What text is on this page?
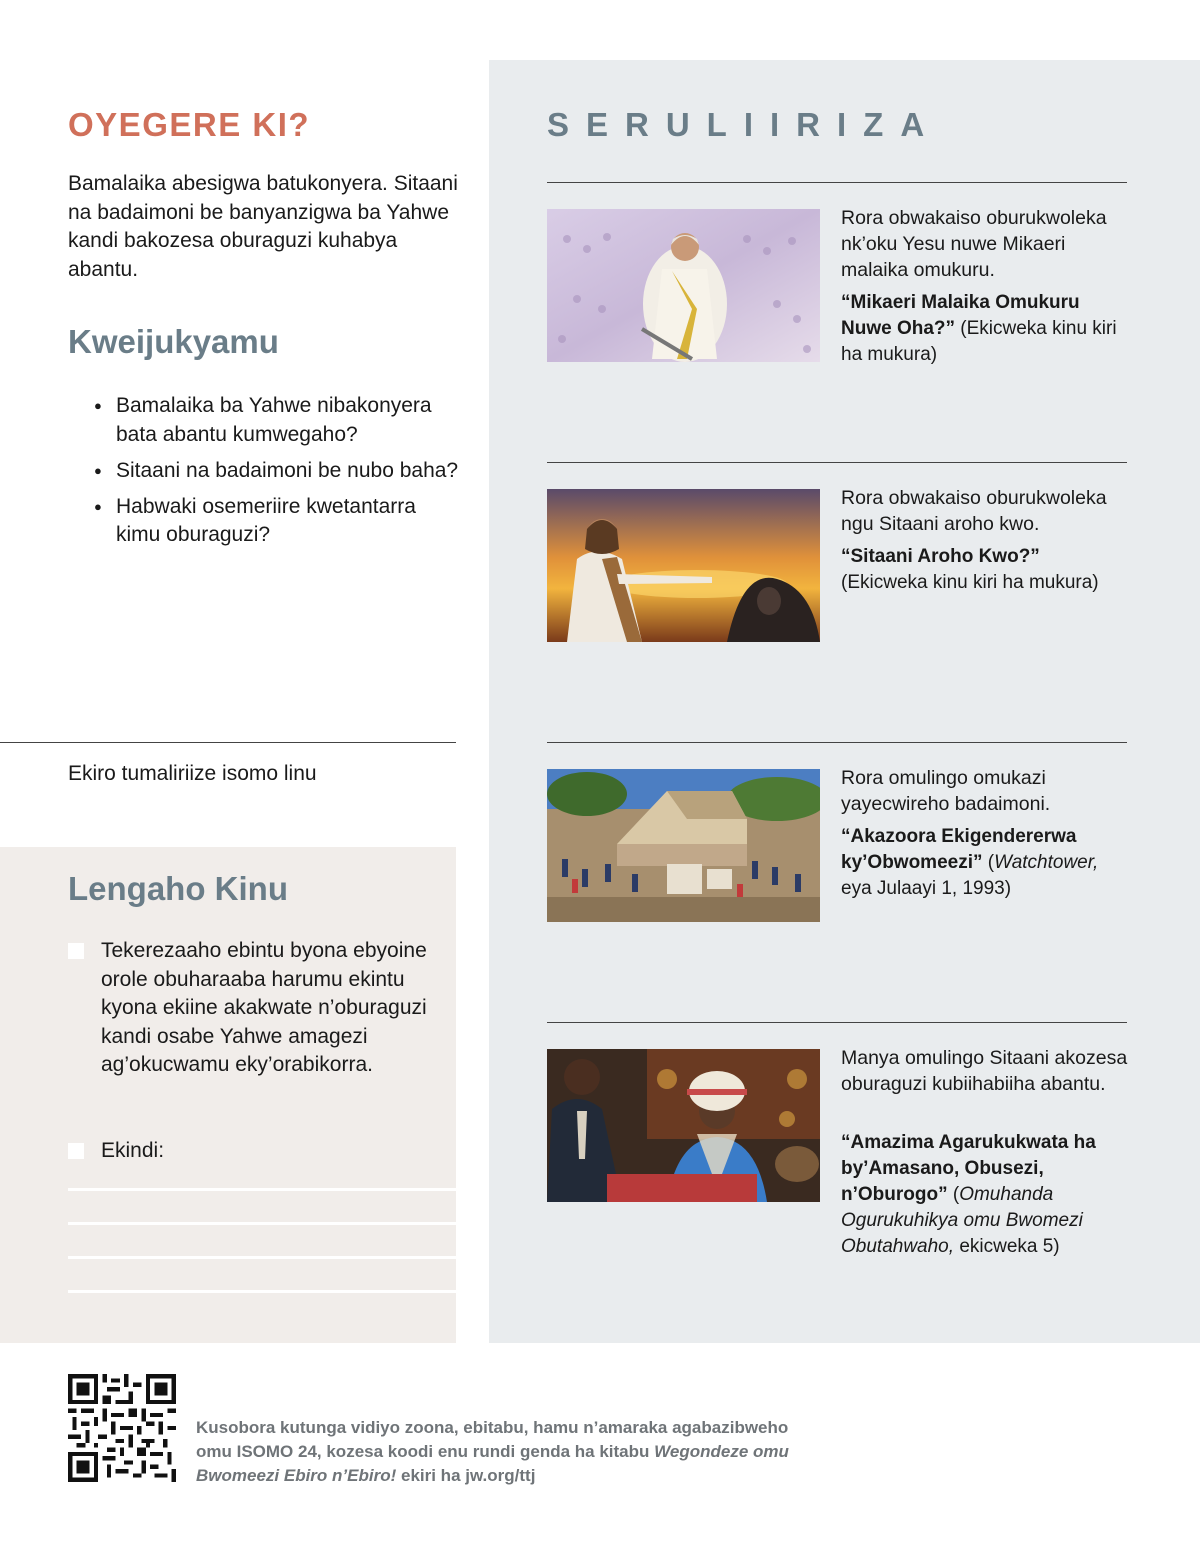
OYEGERE KI?

Bamalaika abesigwa batukonyera. Sitaani na badaimoni be banyanzigwa ba Yahwe kandi bakozesa oburaguzi kuhabya abantu.

Kweijukyamu
● Bamalaika ba Yahwe nibakonyera bata abantu kumwegaho?
● Sitaani na badaimoni be nubo baha?
● Habwaki osemeriire kwetantarra kimu oburaguzi?

Ekiro tumaliriize isomo linu

Lengaho Kinu
Tekerezaaho ebintu byona ebyoine orole obuharaaba harumu ekintu kyona ekiine akakwate n’oburaguzi kandi osabe Yahwe amagezi ag’okucwamu eky’orabikorra.
Ekindi:
SERULIIRIZA

Rora obwakaiso oburukwoleka nk’oku Yesu nuwe Mikaeri malaika omukuru.

“Mikaeri Malaika Omukuru Nuwe Oha?” (Ekicweka kinu kiri ha mukura)

Rora obwakaiso oburukwoleka ngu Sitaani aroho kwo.

“Sitaani Aroho Kwo?”
(Ekicweka kinu kiri ha mukura)

Rora omulingo omukazi yayecwireho badaimoni.

“Akazoora Ekigendererwa ky’Obwomeezi” (Watchtower, eya Julaayi 1, 1993)

Manya omulingo Sitaani akozesa oburaguzi kubiihabiiha abantu.

“Amazima Agarukukwata ha by’Amasano, Obusezi, n’Oburogo” (Omuhanda Ogurukuhikya omu Bwomezi Obutahwaho, ekicweka 5)

Kusobora kutunga vidiyo zoona, ebitabu, hamu n’amaraka agabazibweho omu ISOMO 24, kozesa koodi enu rundi genda ha kitabu Wegondeze omu Bwomeezi Ebiro n’Ebiro! ekiri ha jw.org/ttj
